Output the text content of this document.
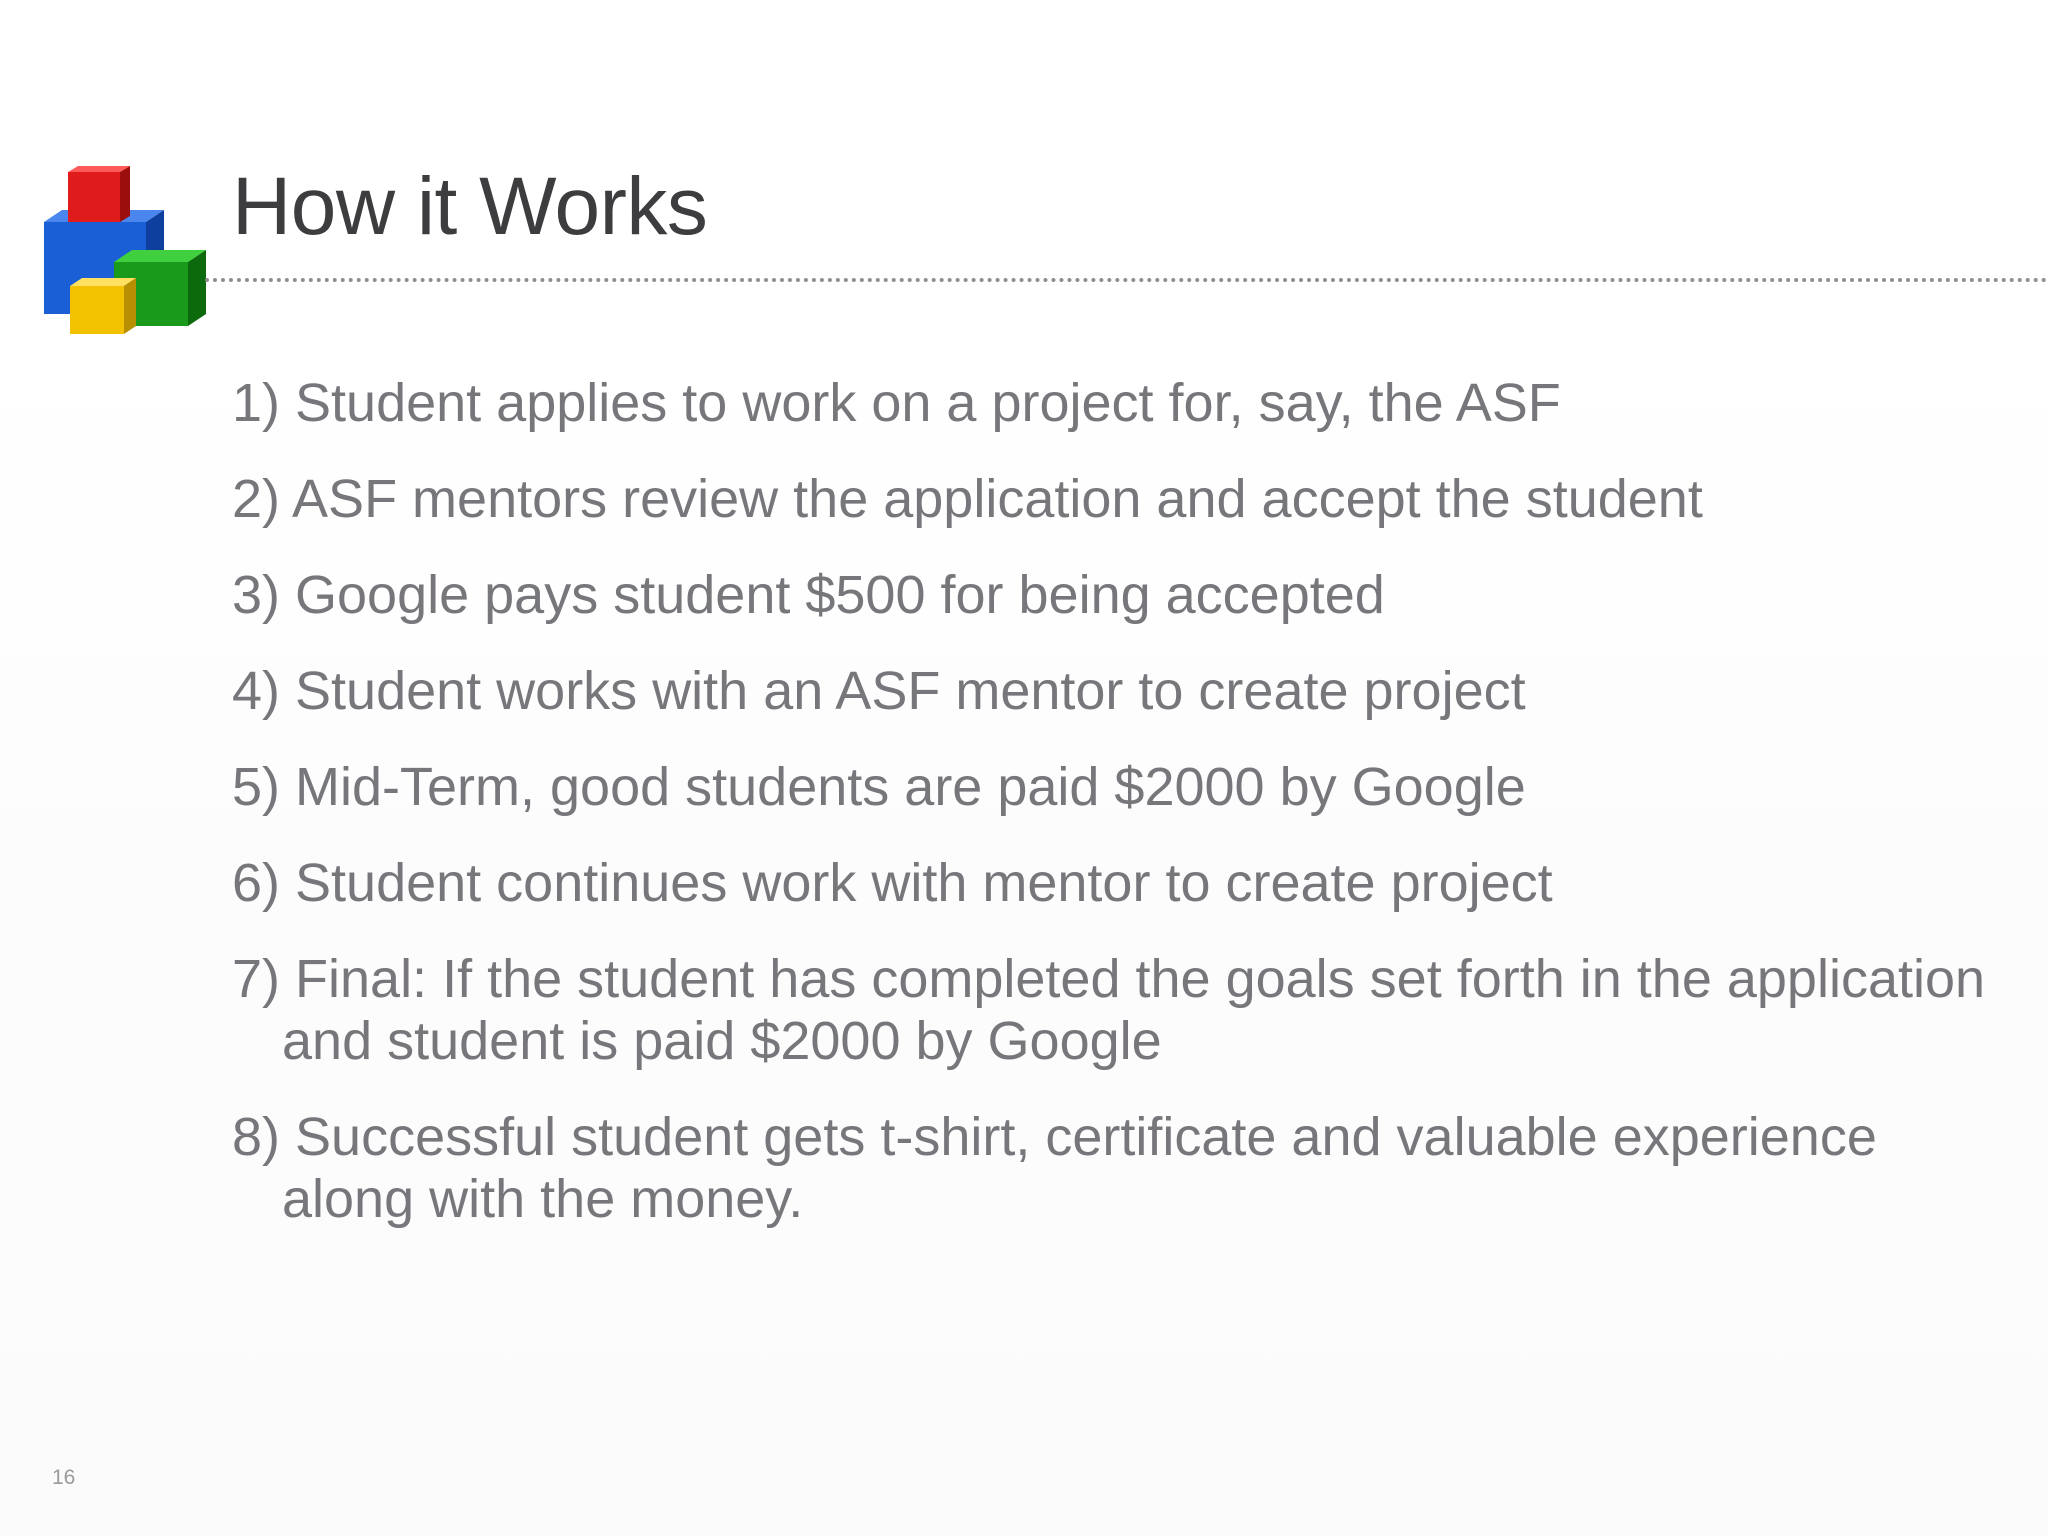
How it Works
1) Student applies to work on a project for, say, the ASF
2) ASF mentors review the application and accept the student
3) Google pays student $500 for being accepted
4) Student works with an ASF mentor to create project
5) Mid-Term, good students are paid $2000 by Google
6) Student continues work with mentor to create project
7) Final: If the student has completed the goals set forth in the application and student is paid $2000 by Google
8) Successful student gets t-shirt, certificate and valuable experience along with the money.
16
